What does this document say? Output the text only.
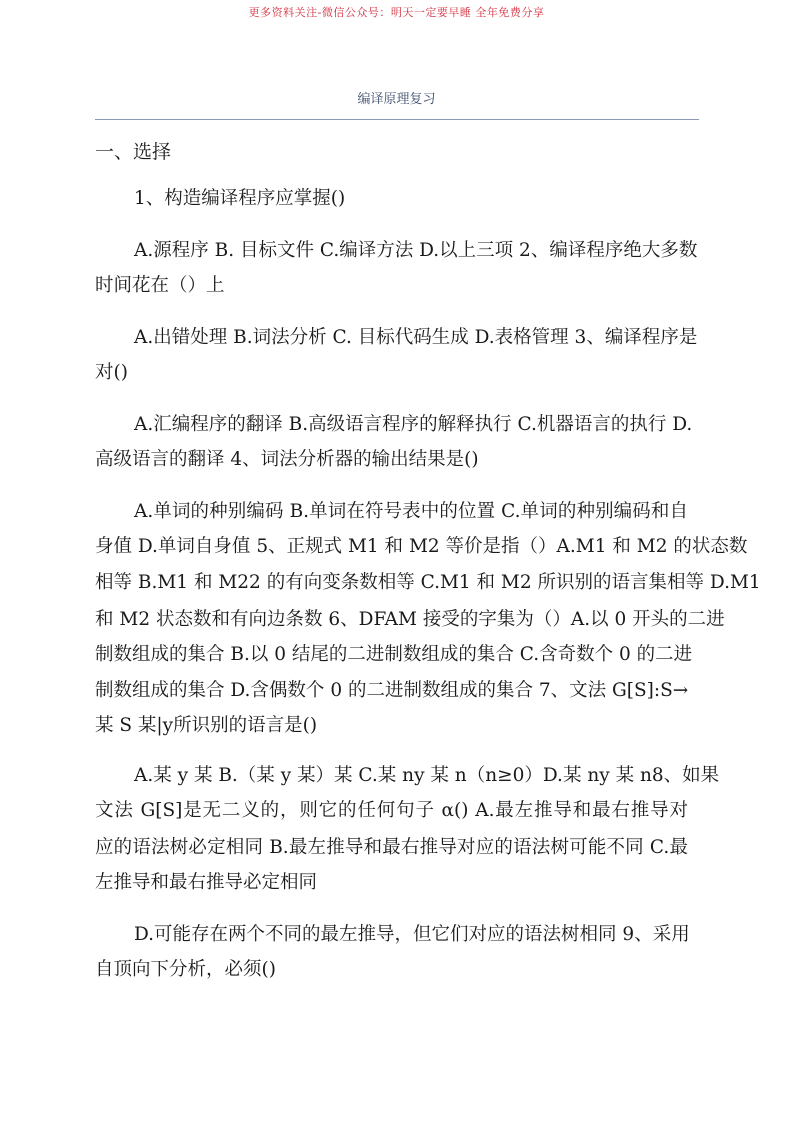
更多资料关注-微信公众号：明天一定要早睡 全年免费分享
编译原理复习
一、选择
1、构造编译程序应掌握()
A.源程序 B. 目标文件 C.编译方法 D.以上三项 2、编译程序绝大多数
时间花在（）上
A.出错处理 B.词法分析 C. 目标代码生成 D.表格管理 3、编译程序是
对()
A.汇编程序的翻译 B.高级语言程序的解释执行 C.机器语言的执行 D.
高级语言的翻译 4、词法分析器的输出结果是()
A.单词的种别编码 B.单词在符号表中的位置 C.单词的种别编码和自
身值 D.单词自身值 5、正规式 M1 和 M2 等价是指（）A.M1 和 M2 的状态数
相等 B.M1 和 M22 的有向变条数相等 C.M1 和 M2 所识别的语言集相等 D.M1
和 M2 状态数和有向边条数 6、DFAM 接受的字集为（）A.以 0 开头的二进
制数组成的集合 B.以 0 结尾的二进制数组成的集合 C.含奇数个 0 的二进
制数组成的集合 D.含偶数个 0 的二进制数组成的集合 7、文法 G[S]:S→
某 S 某|y所识别的语言是()
A.某 y 某 B.（某 y 某）某 C.某 ny 某 n（n≥0）D.某 ny 某 n8、如果
文法 G[S]是无二义的，则它的任何句子 α() A.最左推导和最右推导对
应的语法树必定相同 B.最左推导和最右推导对应的语法树可能不同 C.最
左推导和最右推导必定相同
D.可能存在两个不同的最左推导，但它们对应的语法树相同 9、采用
自顶向下分析，必须()
